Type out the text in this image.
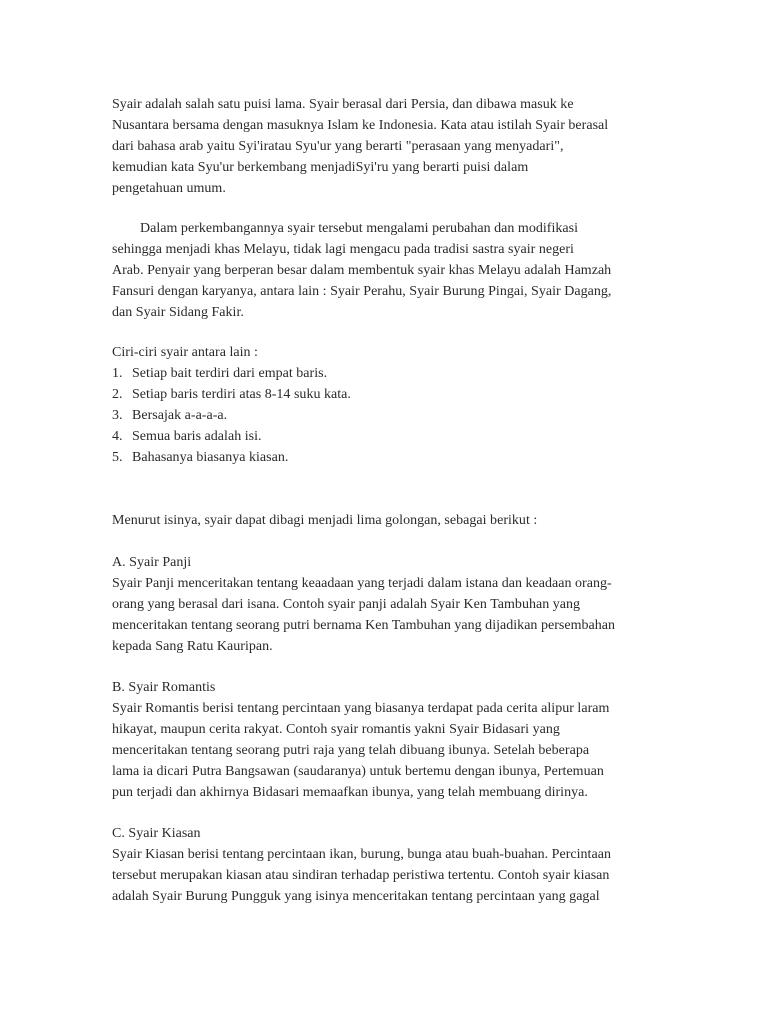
Syair adalah salah satu puisi lama. Syair berasal dari Persia, dan dibawa masuk ke
Nusantara bersama dengan masuknya Islam ke Indonesia. Kata atau istilah Syair berasal
dari bahasa arab yaitu Syi'iratau Syu'ur yang berarti "perasaan yang menyadari",
kemudian kata Syu'ur berkembang menjadiSyi'ru yang berarti puisi dalam
pengetahuan umum.
Dalam perkembangannya syair tersebut mengalami perubahan dan modifikasi
sehingga menjadi khas Melayu, tidak lagi mengacu pada tradisi sastra syair negeri
Arab. Penyair yang berperan besar dalam membentuk syair khas Melayu adalah Hamzah
Fansuri dengan karyanya, antara lain : Syair Perahu, Syair Burung Pingai, Syair Dagang,
dan Syair Sidang Fakir.
Ciri-ciri syair antara lain :
1. Setiap bait terdiri dari empat baris.
2. Setiap baris terdiri atas 8-14 suku kata.
3. Bersajak a-a-a-a.
4. Semua baris adalah isi.
5. Bahasanya biasanya kiasan.
Menurut isinya, syair dapat dibagi menjadi lima golongan, sebagai berikut :
A. Syair Panji
Syair Panji menceritakan tentang keaadaan yang terjadi dalam istana dan keadaan orang-
orang yang berasal dari isana. Contoh syair panji adalah Syair Ken Tambuhan yang
menceritakan tentang seorang putri bernama Ken Tambuhan yang dijadikan persembahan
kepada Sang Ratu Kauripan.
B. Syair Romantis
Syair Romantis berisi tentang percintaan yang biasanya terdapat pada cerita alipur laram
hikayat, maupun cerita rakyat. Contoh syair romantis yakni Syair Bidasari yang
menceritakan tentang seorang putri raja yang telah dibuang ibunya. Setelah beberapa
lama ia dicari Putra Bangsawan (saudaranya) untuk bertemu dengan ibunya, Pertemuan
pun terjadi dan akhirnya Bidasari memaafkan ibunya, yang telah membuang dirinya.
C. Syair Kiasan
Syair Kiasan berisi tentang percintaan ikan, burung, bunga atau buah-buahan. Percintaan
tersebut merupakan kiasan atau sindiran terhadap peristiwa tertentu. Contoh syair kiasan
adalah Syair Burung Pungguk yang isinya menceritakan tentang percintaan yang gagal
